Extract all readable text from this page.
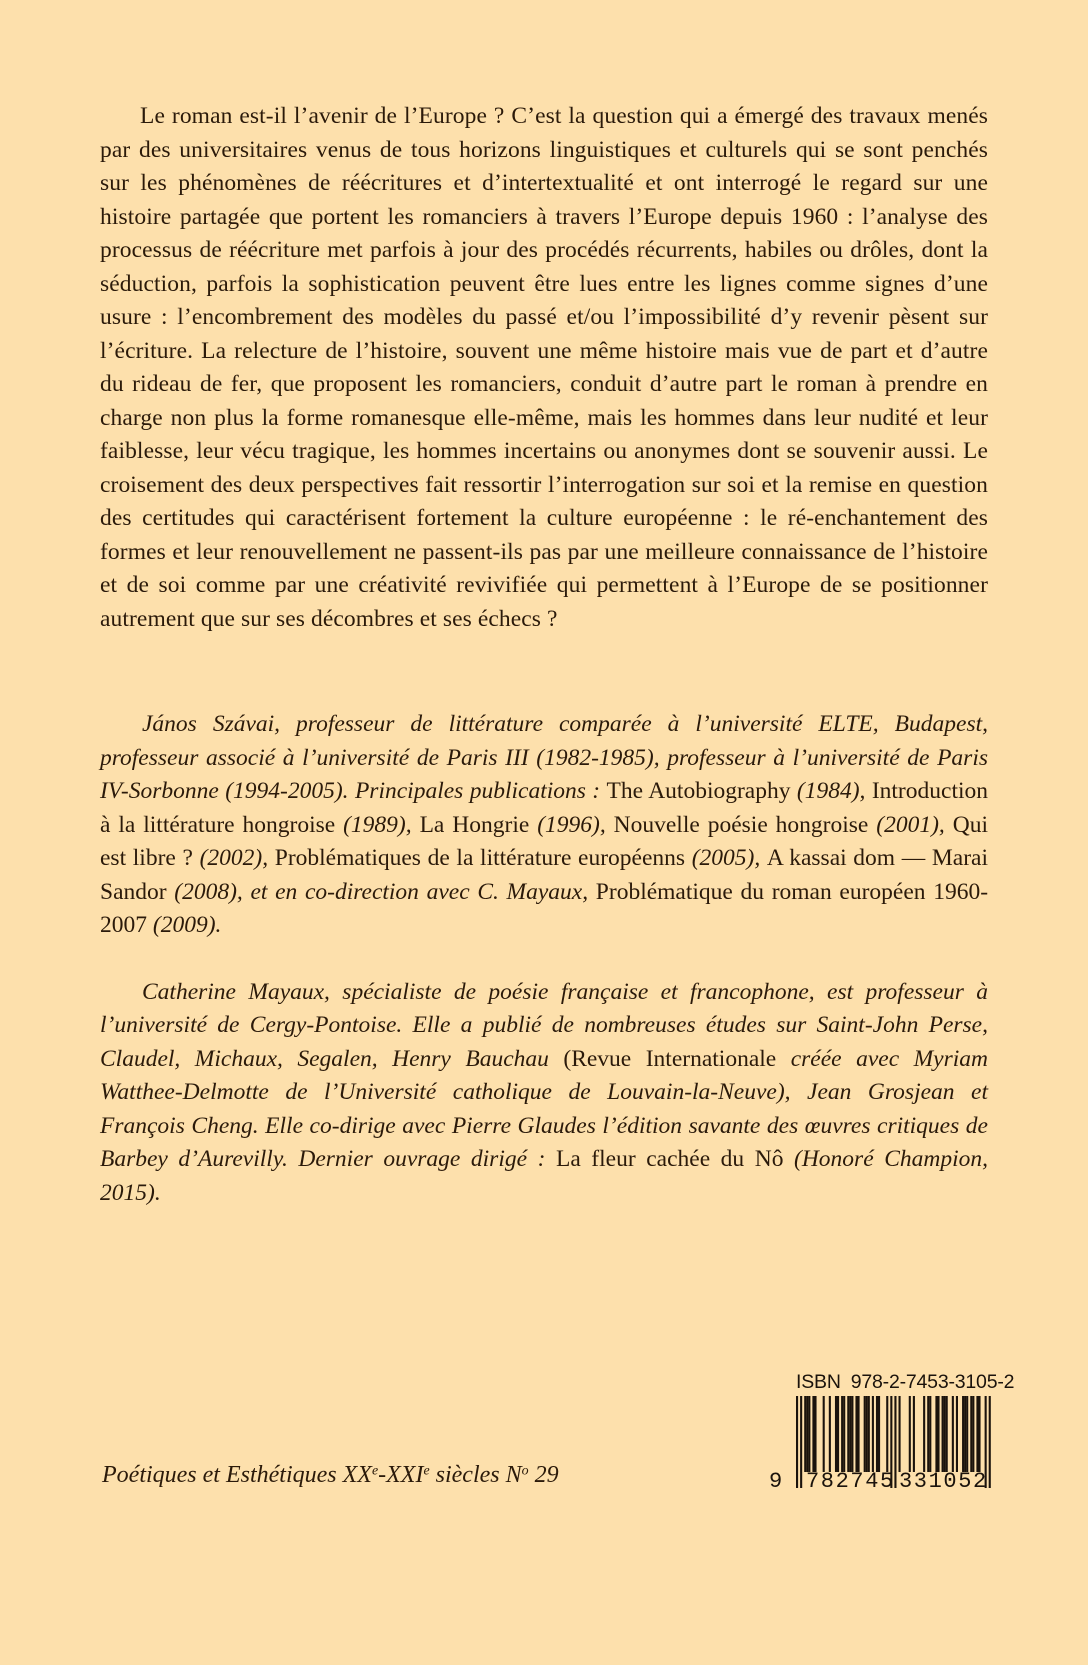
Le roman est-il l’avenir de l’Europe ? C’est la question qui a émergé des travaux menés par des universitaires venus de tous horizons linguistiques et culturels qui se sont penchés sur les phénomènes de réécritures et d’intertextualité et ont interrogé le regard sur une histoire partagée que portent les romanciers à travers l’Europe depuis 1960 : l’analyse des processus de réécriture met parfois à jour des procédés récurrents, habiles ou drôles, dont la séduction, parfois la sophistication peuvent être lues entre les lignes comme signes d’une usure : l’encombrement des modèles du passé et/ou l’impossibilité d’y revenir pèsent sur l’écriture. La relecture de l’histoire, souvent une même histoire mais vue de part et d’autre du rideau de fer, que proposent les romanciers, conduit d’autre part le roman à prendre en charge non plus la forme romanesque elle-même, mais les hommes dans leur nudité et leur faiblesse, leur vécu tragique, les hommes incertains ou anonymes dont se souvenir aussi. Le croisement des deux perspectives fait ressortir l’interrogation sur soi et la remise en question des certitudes qui caractérisent fortement la culture européenne : le ré-enchantement des formes et leur renouvellement ne passent-ils pas par une meilleure connaissance de l’histoire et de soi comme par une créativité revivifiée qui permettent à l’Europe de se positionner autrement que sur ses décombres et ses échecs ?

János Szávai, professeur de littérature comparée à l’université ELTE, Budapest, professeur associé à l’université de Paris III (1982-1985), professeur à l’université de Paris IV-Sorbonne (1994-2005). Principales publications : The Autobiography (1984), Introduction à la littérature hongroise (1989), La Hongrie (1996), Nouvelle poésie hongroise (2001), Qui est libre ? (2002), Problématiques de la littérature européenns (2005), A kassai dom — Marai Sandor (2008), et en co-direction avec C. Mayaux, Problématique du roman européen 1960-2007 (2009).

Catherine Mayaux, spécialiste de poésie française et francophone, est professeur à l’université de Cergy-Pontoise. Elle a publié de nombreuses études sur Saint-John Perse, Claudel, Michaux, Segalen, Henry Bauchau (Revue Internationale créée avec Myriam Watthee-Delmotte de l’Université catholique de Louvain-la-Neuve), Jean Grosjean et François Cheng. Elle co-dirige avec Pierre Glaudes l’édition savante des œuvres critiques de Barbey d’Aurevilly. Dernier ouvrage dirigé : La fleur cachée du Nô (Honoré Champion, 2015).

Poétiques et Esthétiques XXe-XXIe siècles $N^o$ 29
ISBN 978-2-7453-3105-2
9 782745 331052
